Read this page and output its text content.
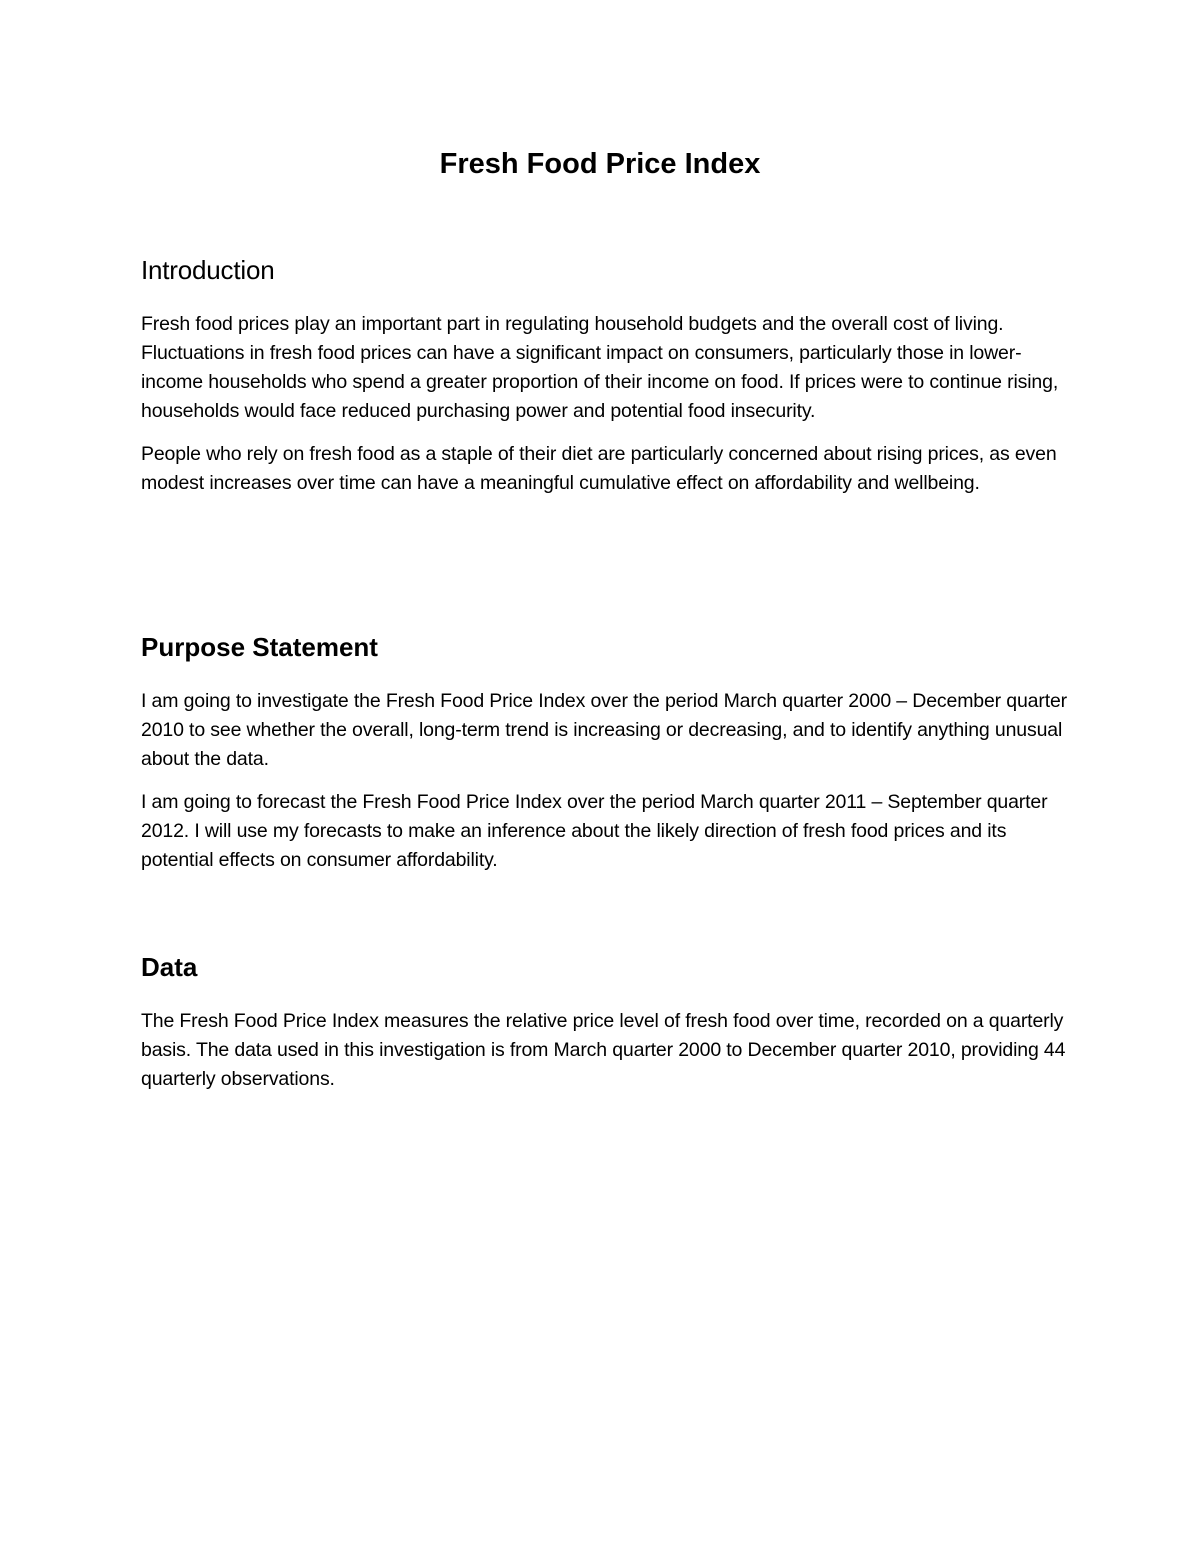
Fresh Food Price Index
Introduction

Fresh food prices play an important part in regulating household budgets and the overall cost of living. Fluctuations in fresh food prices can have a significant impact on consumers, particularly those in lower-income households who spend a greater proportion of their income on food. If prices were to continue rising, households would face reduced purchasing power and potential food insecurity.

People who rely on fresh food as a staple of their diet are particularly concerned about rising prices, as even modest increases over time can have a meaningful cumulative effect on affordability and wellbeing.

Purpose Statement

I am going to investigate the Fresh Food Price Index over the period March quarter 2000 – December quarter 2010 to see whether the overall, long-term trend is increasing or decreasing, and to identify anything unusual about the data.

I am going to forecast the Fresh Food Price Index over the period March quarter 2011 – September quarter 2012. I will use my forecasts to make an inference about the likely direction of fresh food prices and its potential effects on consumer affordability.

Data

The Fresh Food Price Index measures the relative price level of fresh food over time, recorded on a quarterly basis. The data used in this investigation is from March quarter 2000 to December quarter 2010, providing 44 quarterly observations.
